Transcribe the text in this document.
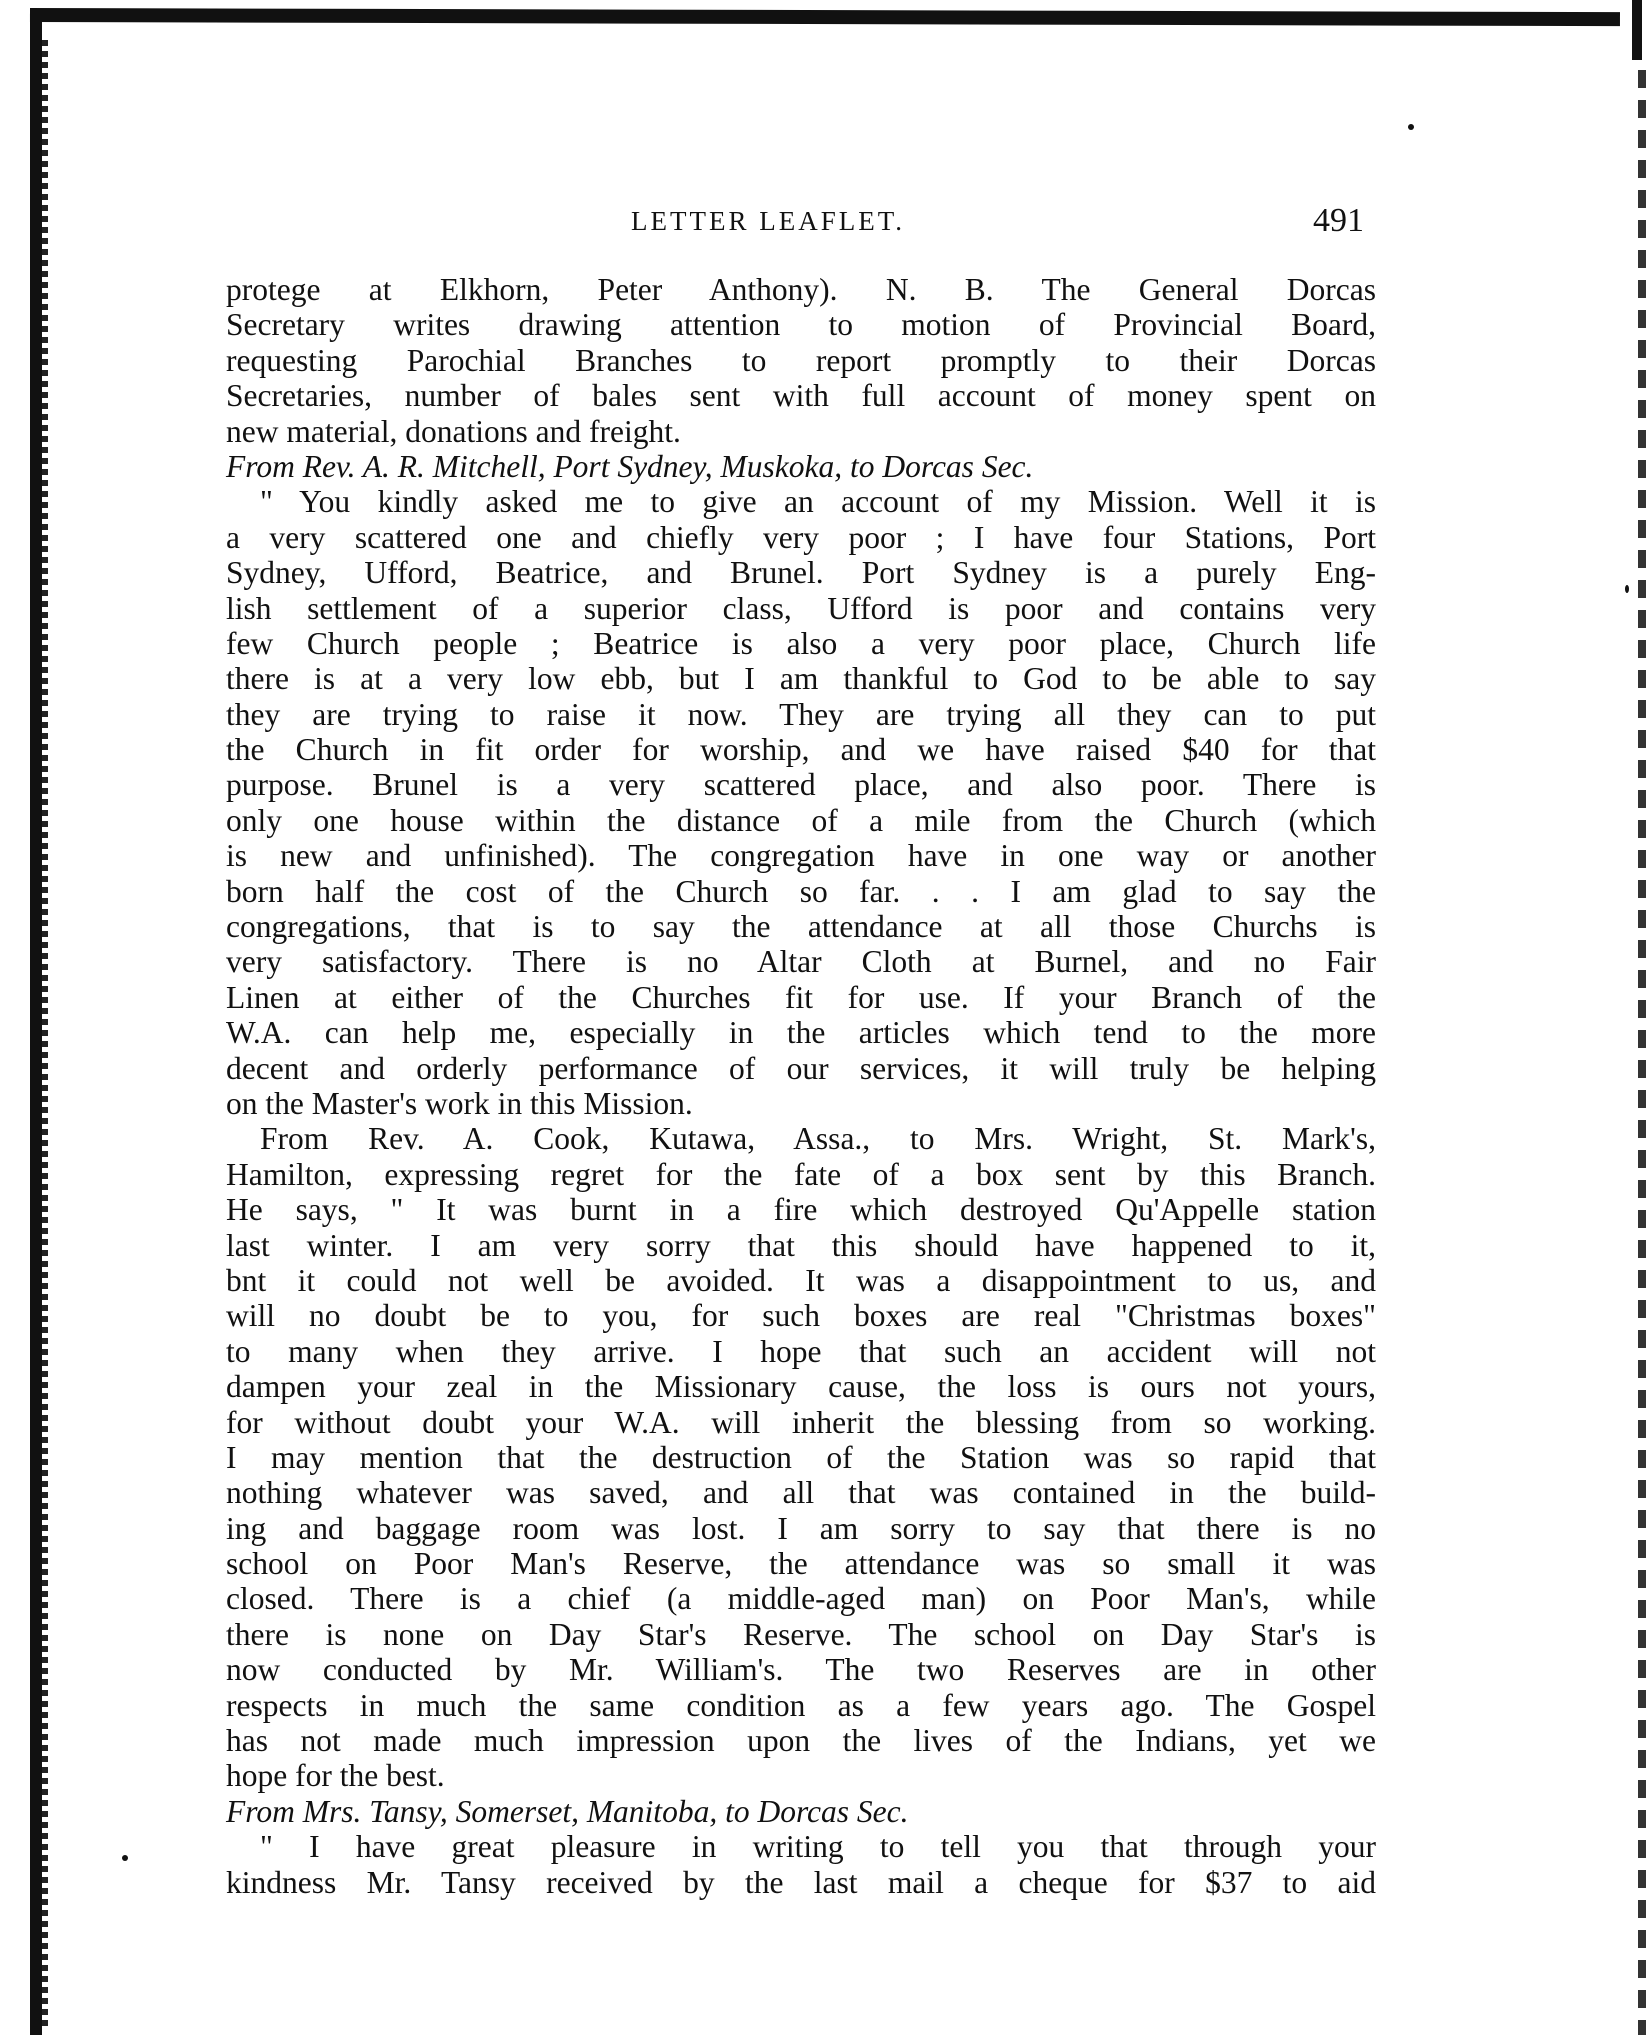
LETTER LEAFLET.	491
protege at Elkhorn, Peter Anthony). N. B. The General Dorcas
Secretary writes drawing attention to motion of Provincial Board,
requesting Parochial Branches to report promptly to their Dorcas
Secretaries, number of bales sent with full account of money spent on
new material, donations and freight.
From Rev. A. R. Mitchell, Port Sydney, Muskoka, to Dorcas Sec.
" You kindly asked me to give an account of my Mission. Well it is
a very scattered one and chiefly very poor ; I have four Stations, Port
Sydney, Ufford, Beatrice, and Brunel. Port Sydney is a purely Eng-
lish settlement of a superior class, Ufford is poor and contains very
few Church people ; Beatrice is also a very poor place, Church life
there is at a very low ebb, but I am thankful to God to be able to say
they are trying to raise it now. They are trying all they can to put
the Church in fit order for worship, and we have raised $40 for that
purpose. Brunel is a very scattered place, and also poor. There is
only one house within the distance of a mile from the Church (which
is new and unfinished). The congregation have in one way or another
born half the cost of the Church so far. . . I am glad to say the
congregations, that is to say the attendance at all those Churchs is
very satisfactory. There is no Altar Cloth at Burnel, and no Fair
Linen at either of the Churches fit for use. If your Branch of the
W.A. can help me, especially in the articles which tend to the more
decent and orderly performance of our services, it will truly be helping
on the Master's work in this Mission.
From Rev. A. Cook, Kutawa, Assa., to Mrs. Wright, St. Mark's,
Hamilton, expressing regret for the fate of a box sent by this Branch.
He says, " It was burnt in a fire which destroyed Qu'Appelle station
last winter. I am very sorry that this should have happened to it,
bnt it could not well be avoided. It was a disappointment to us, and
will no doubt be to you, for such boxes are real "Christmas boxes"
to many when they arrive. I hope that such an accident will not
dampen your zeal in the Missionary cause, the loss is ours not yours,
for without doubt your W.A. will inherit the blessing from so working.
I may mention that the destruction of the Station was so rapid that
nothing whatever was saved, and all that was contained in the build-
ing and baggage room was lost. I am sorry to say that there is no
school on Poor Man's Reserve, the attendance was so small it was
closed. There is a chief (a middle-aged man) on Poor Man's, while
there is none on Day Star's Reserve. The school on Day Star's is
now conducted by Mr. William's. The two Reserves are in other
respects in much the same condition as a few years ago. The Gospel
has not made much impression upon the lives of the Indians, yet we
hope for the best.
From Mrs. Tansy, Somerset, Manitoba, to Dorcas Sec.
" I have great pleasure in writing to tell you that through your
kindness Mr. Tansy received by the last mail a cheque for $37 to aid
